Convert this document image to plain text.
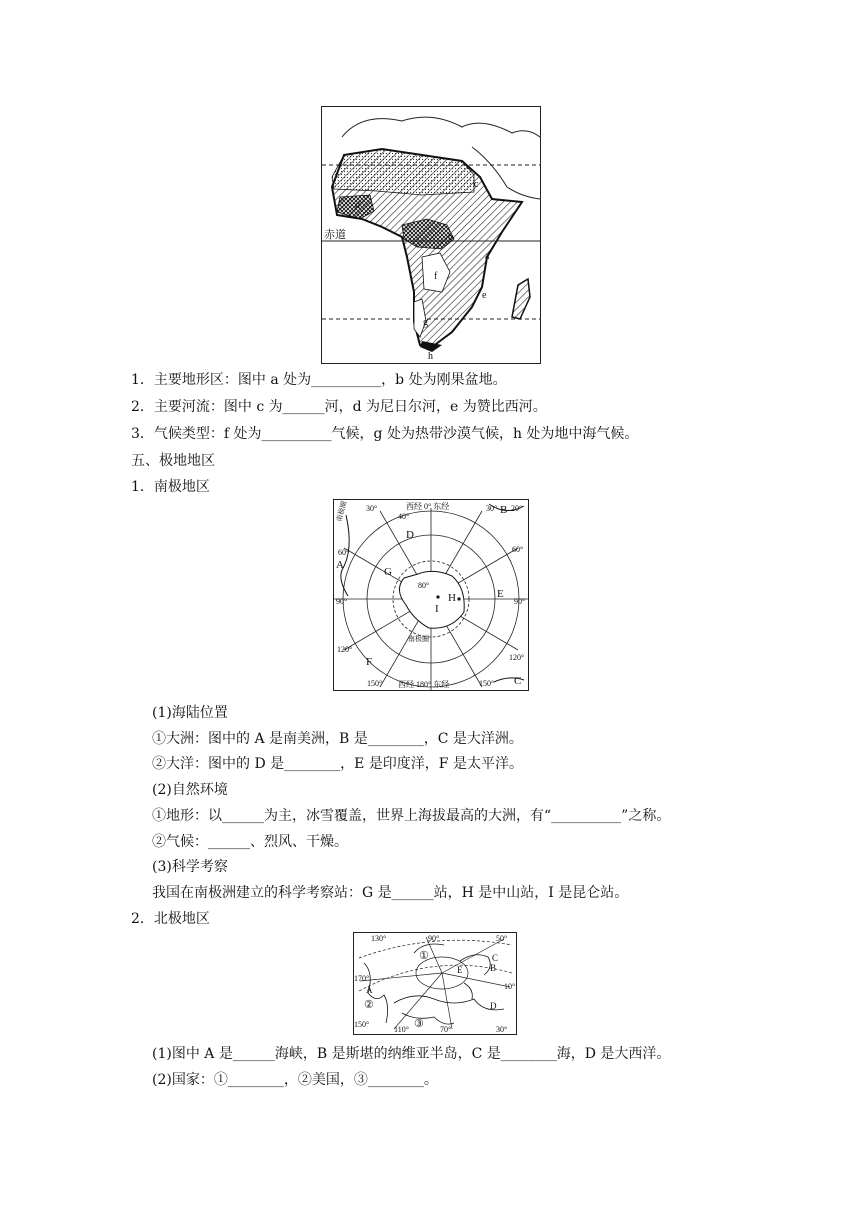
赤道
c
d
b
a
f
e
g
h
1．主要地形区：图中 a 处为__________，b 处为刚果盆地。
2．主要河流：图中 c 为______河，d 为尼日尔河，e 为赞比西河。
3．气候类型：f 处为__________气候，g 处为热带沙漠气候，h 处为地中海气候。
五、极地地区
1．南极地区
西经 0° 东经
西经 180° 东经
30°	30° 20°
40°
60°	60°
80°
90°	90°
120°
120°
150°	150°
南极圈
南极圈
A
B
C
D
E
F
G
H
I
(1)海陆位置
①大洲：图中的 A 是南美洲，B 是________，C 是大洋洲。
②大洋：图中的 D 是________，E 是印度洋，F 是太平洋。
(2)自然环境
①地形：以______为主，冰雪覆盖，世界上海拔最高的大洲，有“__________”之称。
②气候：______、烈风、干燥。
(3)科学考察
我国在南极洲建立的科学考察站：G 是______站，H 是中山站，I 是昆仑站。
2．北极地区
130°	90°	50°
170°
10°
150°
110°	70°	30°
A
B
C
D
E
①
②
③
(1)图中 A 是______海峡，B 是斯堪的纳维亚半岛，C 是________海，D 是大西洋。
(2)国家：①________，②美国，③________。
